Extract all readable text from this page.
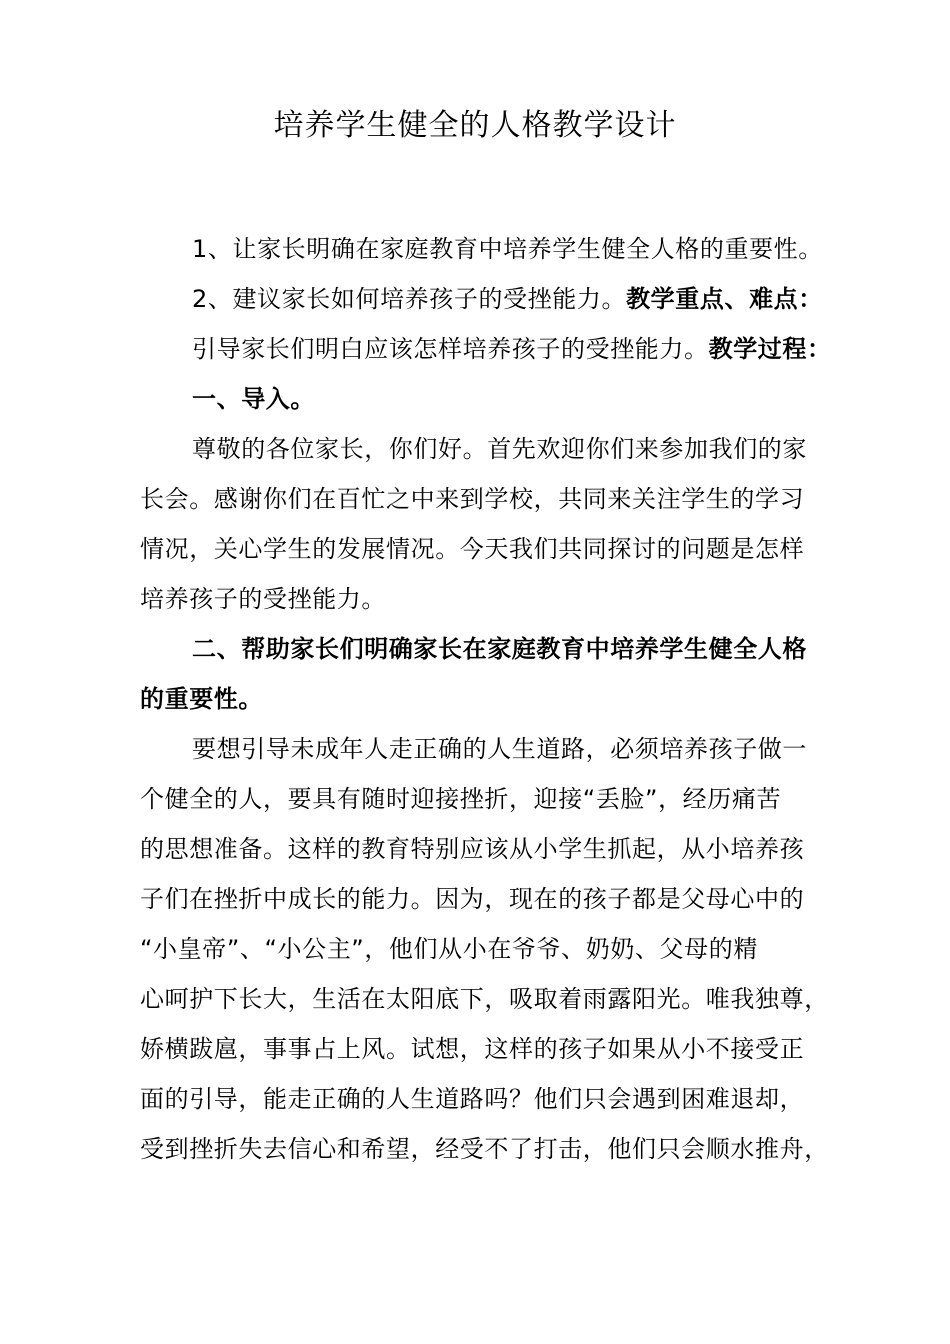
培养学生健全的人格教学设计
1、让家长明确在家庭教育中培养学生健全人格的重要性。
2、建议家长如何培养孩子的受挫能力。教学重点、难点：
引导家长们明白应该怎样培养孩子的受挫能力。教学过程：
一、导入。
尊敬的各位家长，你们好。首先欢迎你们来参加我们的家
长会。感谢你们在百忙之中来到学校，共同来关注学生的学习
情况，关心学生的发展情况。今天我们共同探讨的问题是怎样
培养孩子的受挫能力。
二、帮助家长们明确家长在家庭教育中培养学生健全人格
的重要性。
要想引导未成年人走正确的人生道路，必须培养孩子做一
个健全的人，要具有随时迎接挫折，迎接“丢脸”，经历痛苦
的思想准备。这样的教育特别应该从小学生抓起，从小培养孩
子们在挫折中成长的能力。因为，现在的孩子都是父母心中的
“小皇帝”、“小公主”，他们从小在爷爷、奶奶、父母的精
心呵护下长大，生活在太阳底下，吸取着雨露阳光。唯我独尊，
娇横跋扈，事事占上风。试想，这样的孩子如果从小不接受正
面的引导，能走正确的人生道路吗？他们只会遇到困难退却，
受到挫折失去信心和希望，经受不了打击，他们只会顺水推舟，
